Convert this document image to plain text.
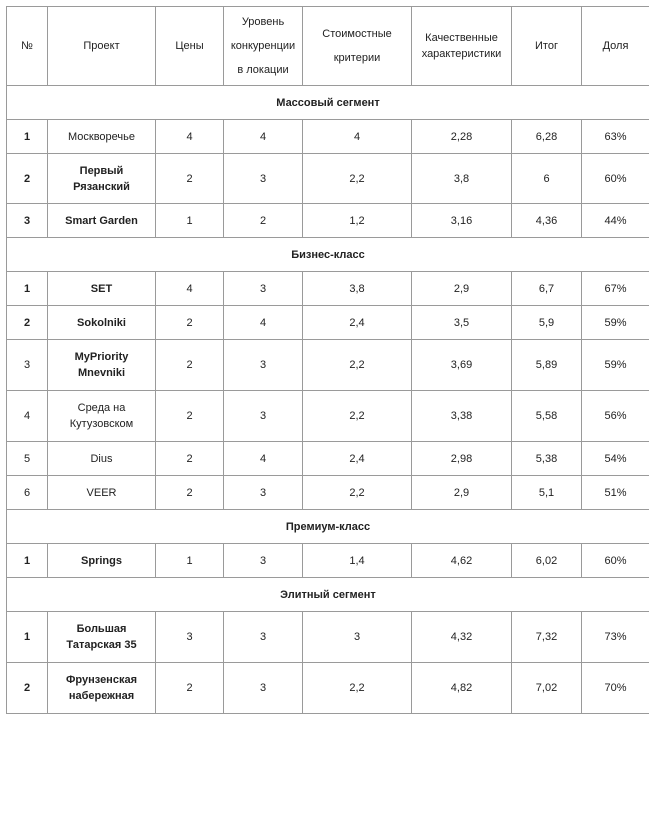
№	Проект	Цены	Уровень конкуренции в локации	Стоимостные критерии	Качественные характеристики	Итог	Доля
Массовый сегмент							
1	Москворечье	4	4	4	2,28	6,28	63%
2	Первый Рязанский	2	3	2,2	3,8	6	60%
3	Smart Garden	1	2	1,2	3,16	4,36	44%
Бизнес-класс							
1	SET	4	3	3,8	2,9	6,7	67%
2	Sokolniki	2	4	2,4	3,5	5,9	59%
3	MyPriority Mnevniki	2	3	2,2	3,69	5,89	59%
4	Среда на Кутузовском	2	3	2,2	3,38	5,58	56%
5	Dius	2	4	2,4	2,98	5,38	54%
6	VEER	2	3	2,2	2,9	5,1	51%
Премиум-класс							
1	Springs	1	3	1,4	4,62	6,02	60%
Элитный сегмент							
1	Большая Татарская 35	3	3	3	4,32	7,32	73%
2	Фрунзенская набережная	2	3	2,2	4,82	7,02	70%
